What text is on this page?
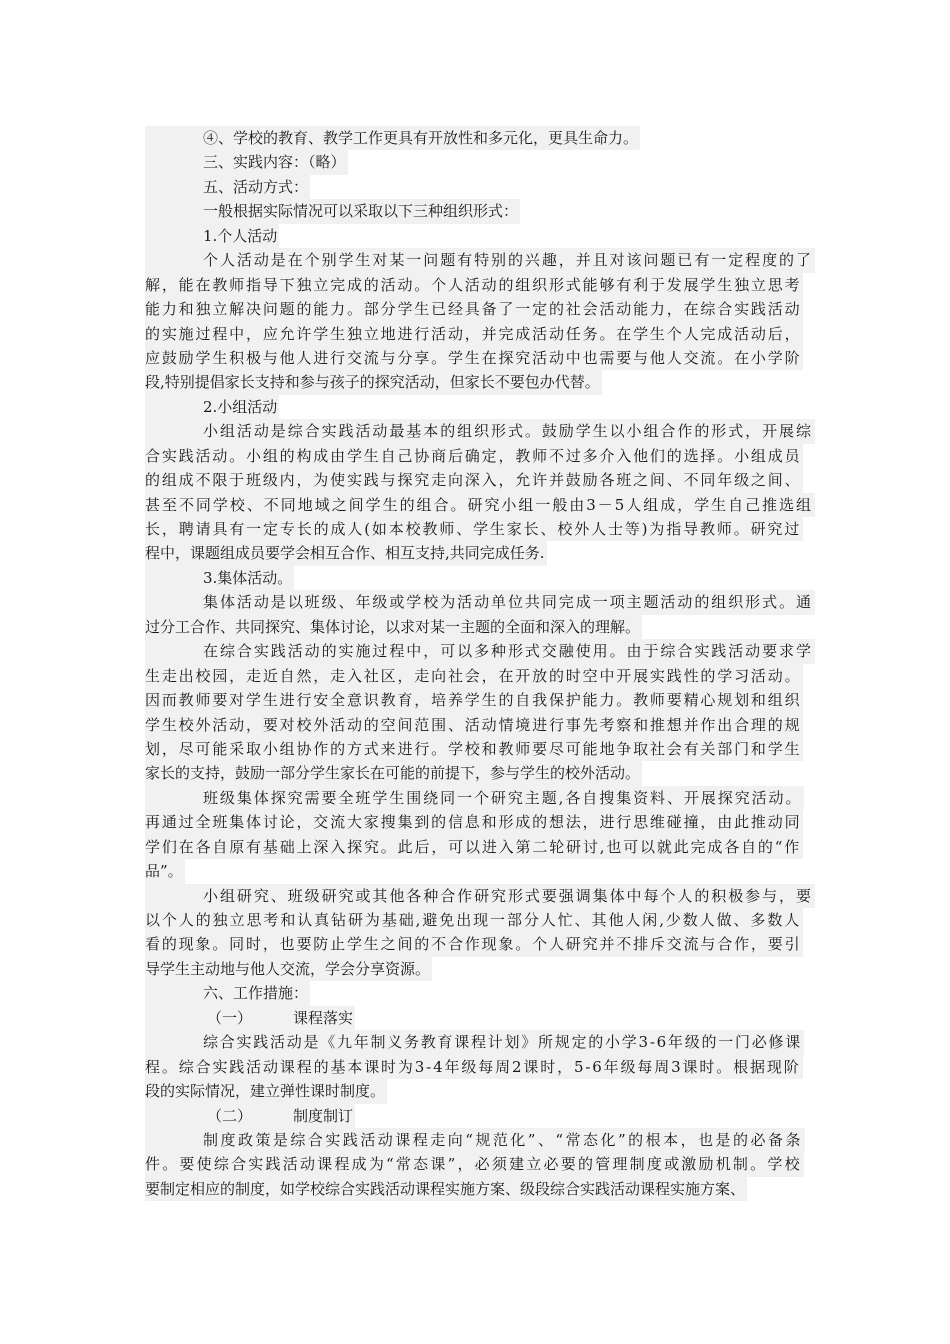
④、学校的教育、教学工作更具有开放性和多元化，更具生命力。
三、实践内容：（略）
五、活动方式：
一般根据实际情况可以采取以下三种组织形式：
1.个人活动
个人活动是在个别学生对某一问题有特别的兴趣，并且对该问题已有一定程度的了
解，能在教师指导下独立完成的活动。个人活动的组织形式能够有利于发展学生独立思考
能力和独立解决问题的能力。部分学生已经具备了一定的社会活动能力，在综合实践活动
的实施过程中，应允许学生独立地进行活动，并完成活动任务。在学生个人完成活动后，
应鼓励学生积极与他人进行交流与分享。学生在探究活动中也需要与他人交流。在小学阶
段,特别提倡家长支持和参与孩子的探究活动，但家长不要包办代替。
2.小组活动
小组活动是综合实践活动最基本的组织形式。鼓励学生以小组合作的形式，开展综
合实践活动。小组的构成由学生自己协商后确定，教师不过多介入他们的选择。小组成员
的组成不限于班级内，为使实践与探究走向深入，允许并鼓励各班之间、不同年级之间、
甚至不同学校、不同地域之间学生的组合。研究小组一般由3－5人组成，学生自己推选组
长，聘请具有一定专长的成人(如本校教师、学生家长、校外人士等)为指导教师。研究过
程中，课题组成员要学会相互合作、相互支持,共同完成任务.
3.集体活动。
集体活动是以班级、年级或学校为活动单位共同完成一项主题活动的组织形式。通
过分工合作、共同探究、集体讨论，以求对某一主题的全面和深入的理解。
在综合实践活动的实施过程中，可以多种形式交融使用。由于综合实践活动要求学
生走出校园，走近自然，走入社区，走向社会，在开放的时空中开展实践性的学习活动。
因而教师要对学生进行安全意识教育，培养学生的自我保护能力。教师要精心规划和组织
学生校外活动，要对校外活动的空间范围、活动情境进行事先考察和推想并作出合理的规
划，尽可能采取小组协作的方式来进行。学校和教师要尽可能地争取社会有关部门和学生
家长的支持，鼓励一部分学生家长在可能的前提下，参与学生的校外活动。
班级集体探究需要全班学生围绕同一个研究主题,各自搜集资料、开展探究活动。
再通过全班集体讨论，交流大家搜集到的信息和形成的想法，进行思维碰撞，由此推动同
学们在各自原有基础上深入探究。此后，可以进入第二轮研讨,也可以就此完成各自的“作
品”。
小组研究、班级研究或其他各种合作研究形式要强调集体中每个人的积极参与，要
以个人的独立思考和认真钻研为基础,避免出现一部分人忙、其他人闲,少数人做、多数人
看的现象。同时，也要防止学生之间的不合作现象。个人研究并不排斥交流与合作，要引
导学生主动地与他人交流，学会分享资源。
六、工作措施：
（一）	课程落实
综合实践活动是《九年制义务教育课程计划》所规定的小学3-6年级的一门必修课
程。综合实践活动课程的基本课时为3-4年级每周2课时，5-6年级每周3课时。根据现阶
段的实际情况，建立弹性课时制度。
（二）	制度制订
制度政策是综合实践活动课程走向“规范化”、“常态化”的根本，也是的必备条
件。要使综合实践活动课程成为“常态课”，必须建立必要的管理制度或激励机制。学校
要制定相应的制度，如学校综合实践活动课程实施方案、级段综合实践活动课程实施方案、
